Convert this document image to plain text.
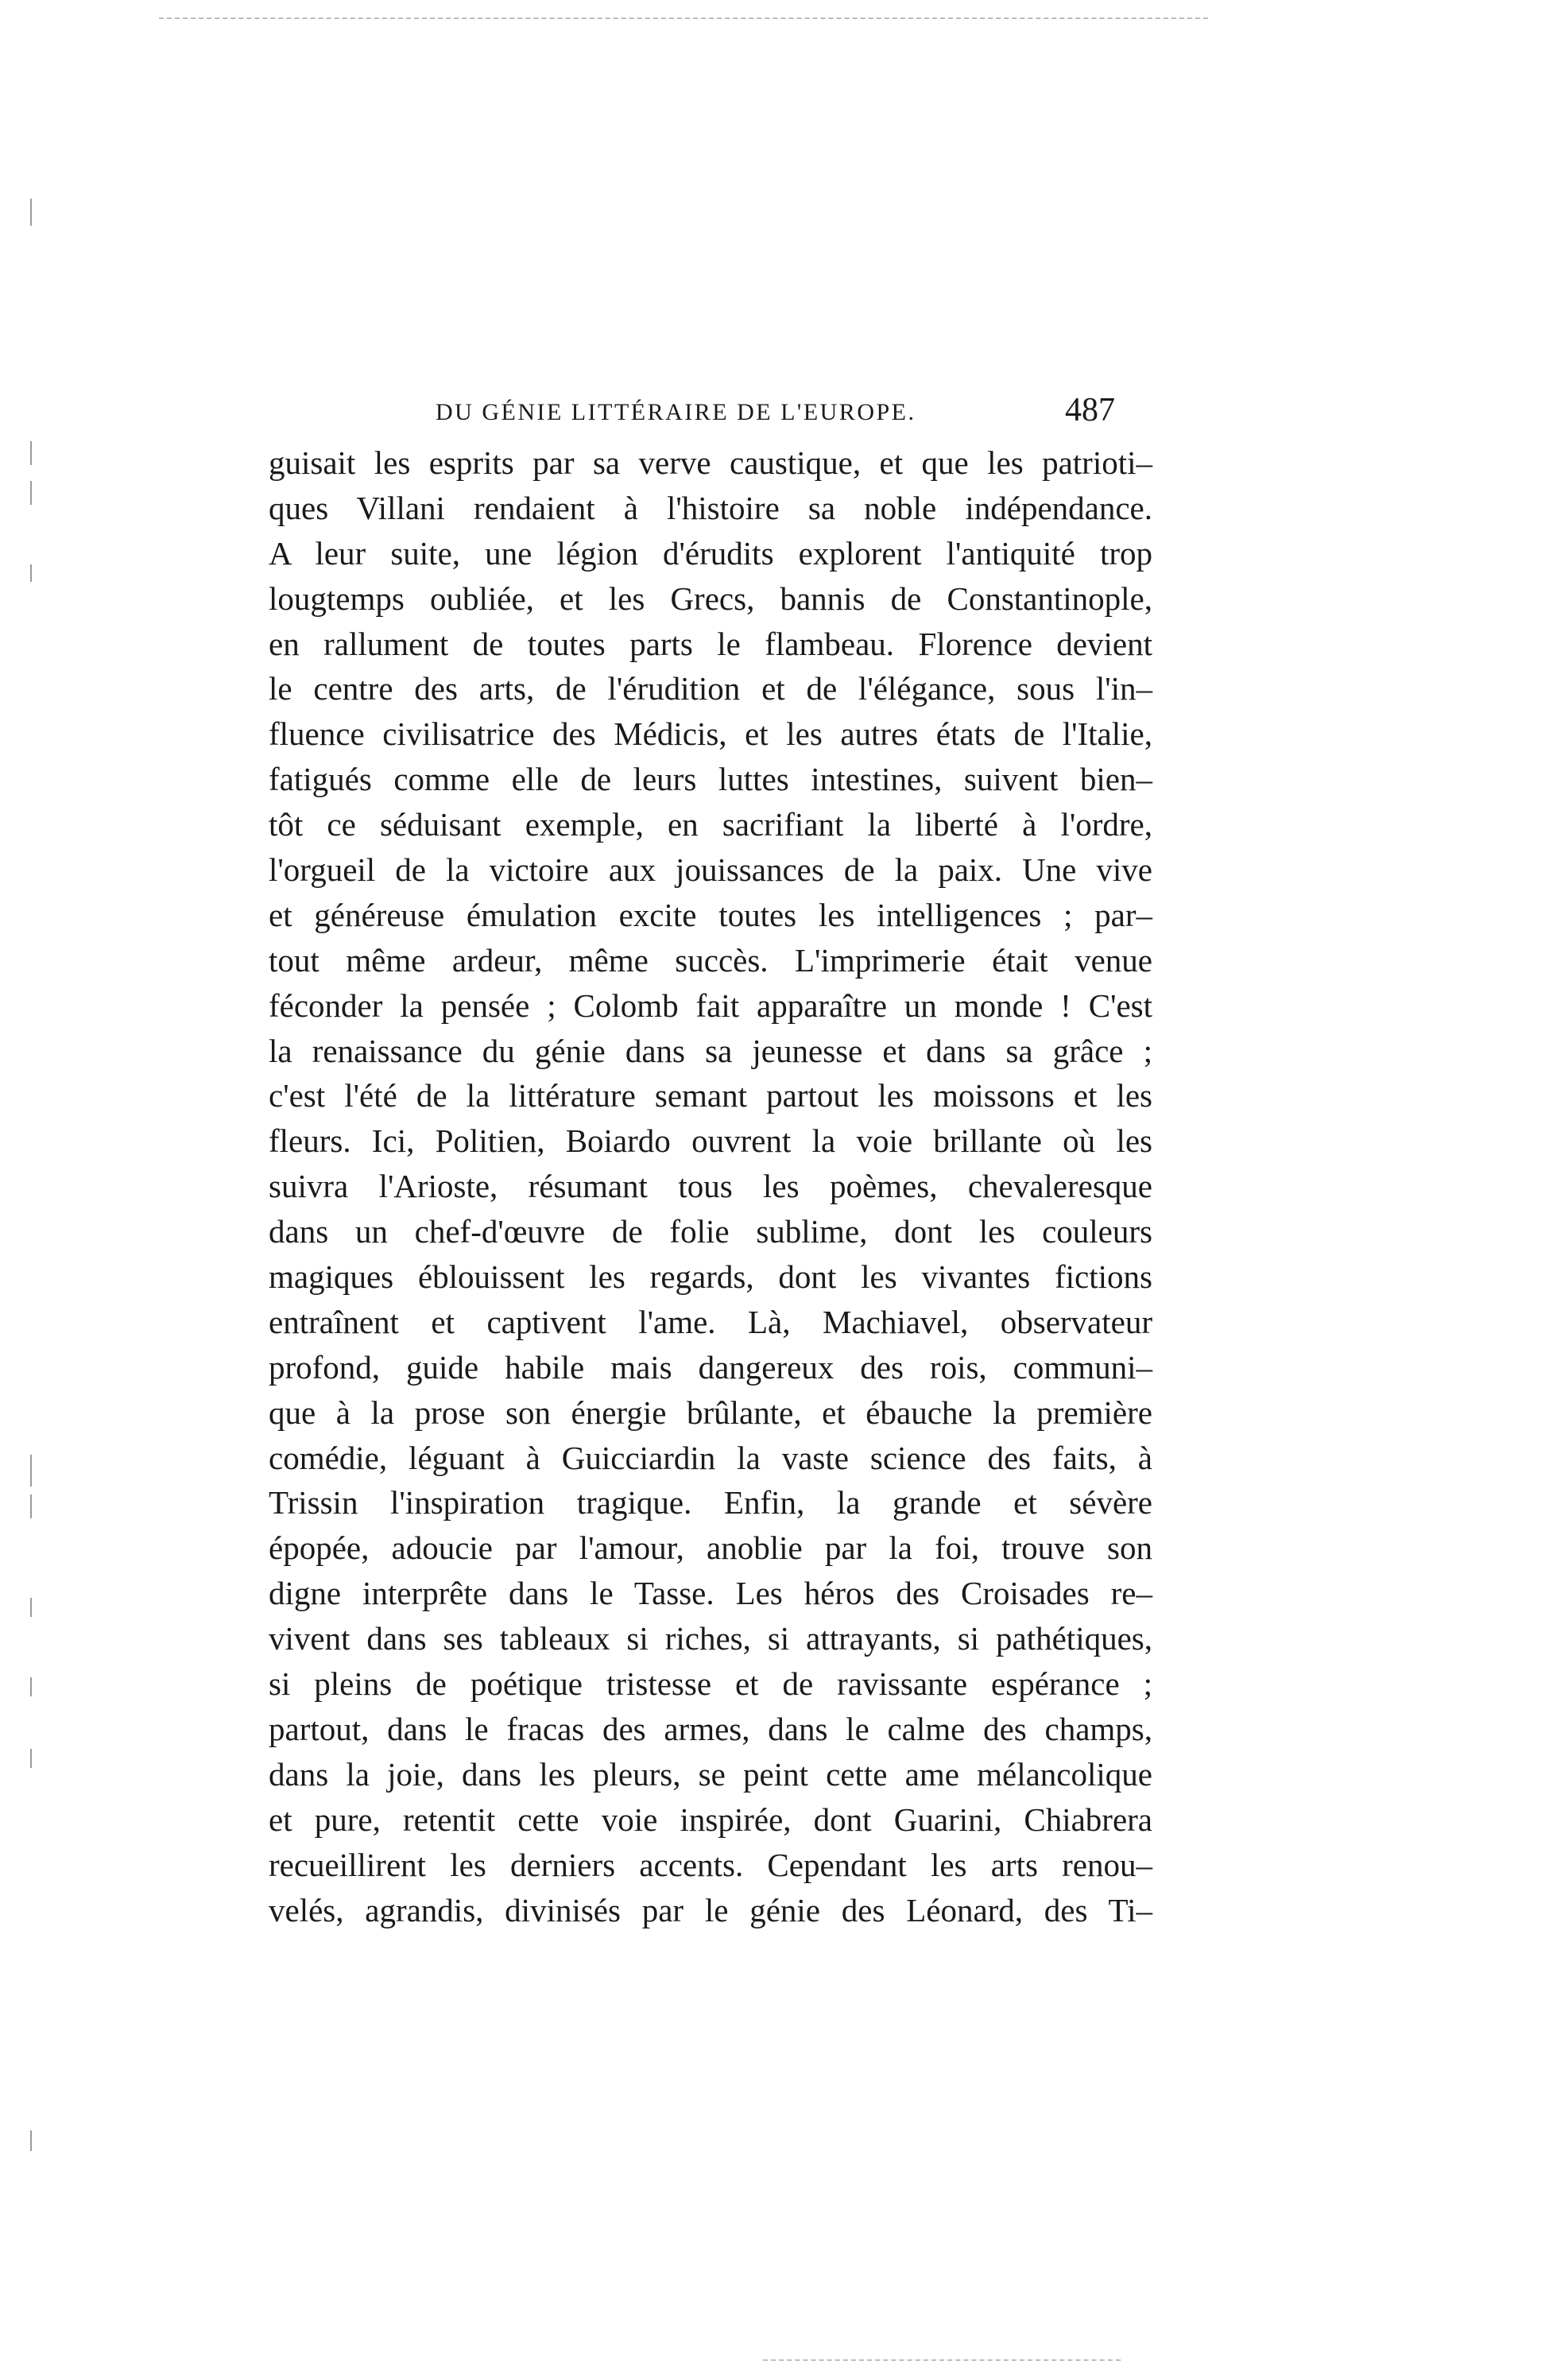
DU GÉNIE LITTÉRAIRE DE L'EUROPE.	487
guisait les esprits par sa verve caustique, et que les patrioti–
ques Villani rendaient à l'histoire sa noble indépendance.
A leur suite, une légion d'érudits explorent l'antiquité trop
lougtemps oubliée, et les Grecs, bannis de Constantinople,
en rallument de toutes parts le flambeau. Florence devient
le centre des arts, de l'érudition et de l'élégance, sous l'in–
fluence civilisatrice des Médicis, et les autres états de l'Italie,
fatigués comme elle de leurs luttes intestines, suivent bien–
tôt ce séduisant exemple, en sacrifiant la liberté à l'ordre,
l'orgueil de la victoire aux jouissances de la paix. Une vive
et généreuse émulation excite toutes les intelligences ; par–
tout même ardeur, même succès. L'imprimerie était venue
féconder la pensée ; Colomb fait apparaître un monde ! C'est
la renaissance du génie dans sa jeunesse et dans sa grâce ;
c'est l'été de la littérature semant partout les moissons et les
fleurs. Ici, Politien, Boiardo ouvrent la voie brillante où les
suivra l'Arioste, résumant tous les poèmes, chevaleresque
dans un chef-d'œuvre de folie sublime, dont les couleurs
magiques éblouissent les regards, dont les vivantes fictions
entraînent et captivent l'ame. Là, Machiavel, observateur
profond, guide habile mais dangereux des rois, communi–
que à la prose son énergie brûlante, et ébauche la première
comédie, léguant à Guicciardin la vaste science des faits, à
Trissin l'inspiration tragique. Enfin, la grande et sévère
épopée, adoucie par l'amour, anoblie par la foi, trouve son
digne interprête dans le Tasse. Les héros des Croisades re–
vivent dans ses tableaux si riches, si attrayants, si pathétiques,
si pleins de poétique tristesse et de ravissante espérance ;
partout, dans le fracas des armes, dans le calme des champs,
dans la joie, dans les pleurs, se peint cette ame mélancolique
et pure, retentit cette voie inspirée, dont Guarini, Chiabrera
recueillirent les derniers accents. Cependant les arts renou–
velés, agrandis, divinisés par le génie des Léonard, des Ti–
